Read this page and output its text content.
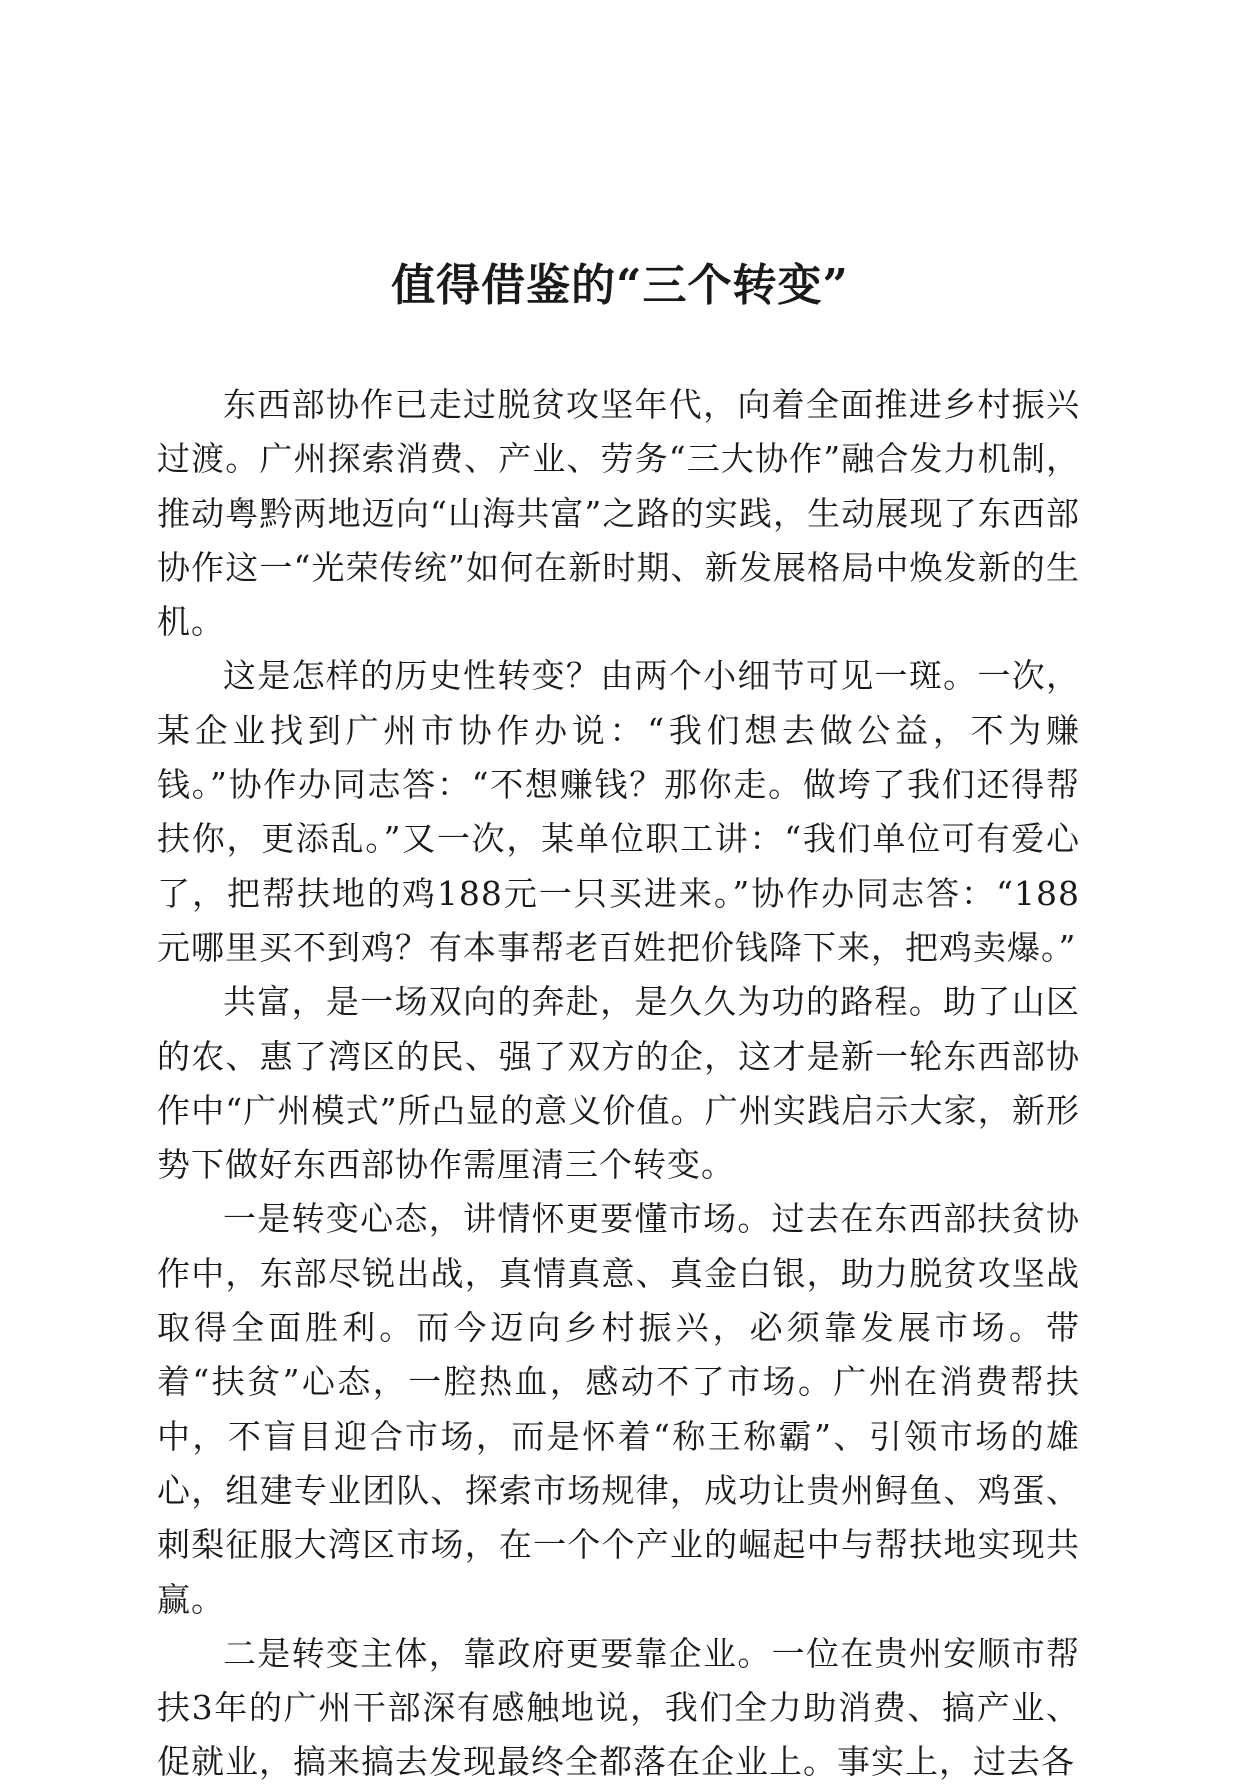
值得借鉴的“三个转变”

东西部协作已走过脱贫攻坚年代，向着全面推进乡村振兴过渡。广州探索消费、产业、劳务“三大协作”融合发力机制，推动粤黔两地迈向“山海共富”之路的实践，生动展现了东西部协作这一“光荣传统”如何在新时期、新发展格局中焕发新的生机。

这是怎样的历史性转变？由两个小细节可见一斑。一次，某企业找到广州市协作办说：“我们想去做公益，不为赚钱。”协作办同志答：“不想赚钱？那你走。做垮了我们还得帮扶你，更添乱。”又一次，某单位职工讲：“我们单位可有爱心了，把帮扶地的鸡188元一只买进来。”协作办同志答：“188元哪里买不到鸡？有本事帮老百姓把价钱降下来，把鸡卖爆。”

共富，是一场双向的奔赴，是久久为功的路程。助了山区的农、惠了湾区的民、强了双方的企，这才是新一轮东西部协作中“广州模式”所凸显的意义价值。广州实践启示大家，新形势下做好东西部协作需厘清三个转变。

一是转变心态，讲情怀更要懂市场。过去在东西部扶贫协作中，东部尽锐出战，真情真意、真金白银，助力脱贫攻坚战取得全面胜利。而今迈向乡村振兴，必须靠发展市场。带着“扶贫”心态，一腔热血，感动不了市场。广州在消费帮扶中，不盲目迎合市场，而是怀着“称王称霸”、引领市场的雄心，组建专业团队、探索市场规律，成功让贵州鲟鱼、鸡蛋、刺梨征服大湾区市场，在一个个产业的崛起中与帮扶地实现共赢。

二是转变主体，靠政府更要靠企业。一位在贵州安顺市帮扶3年的广州干部深有感触地说，我们全力助消费、搞产业、促就业，搞来搞去发现最终全都落在企业上。事实上，过去各
